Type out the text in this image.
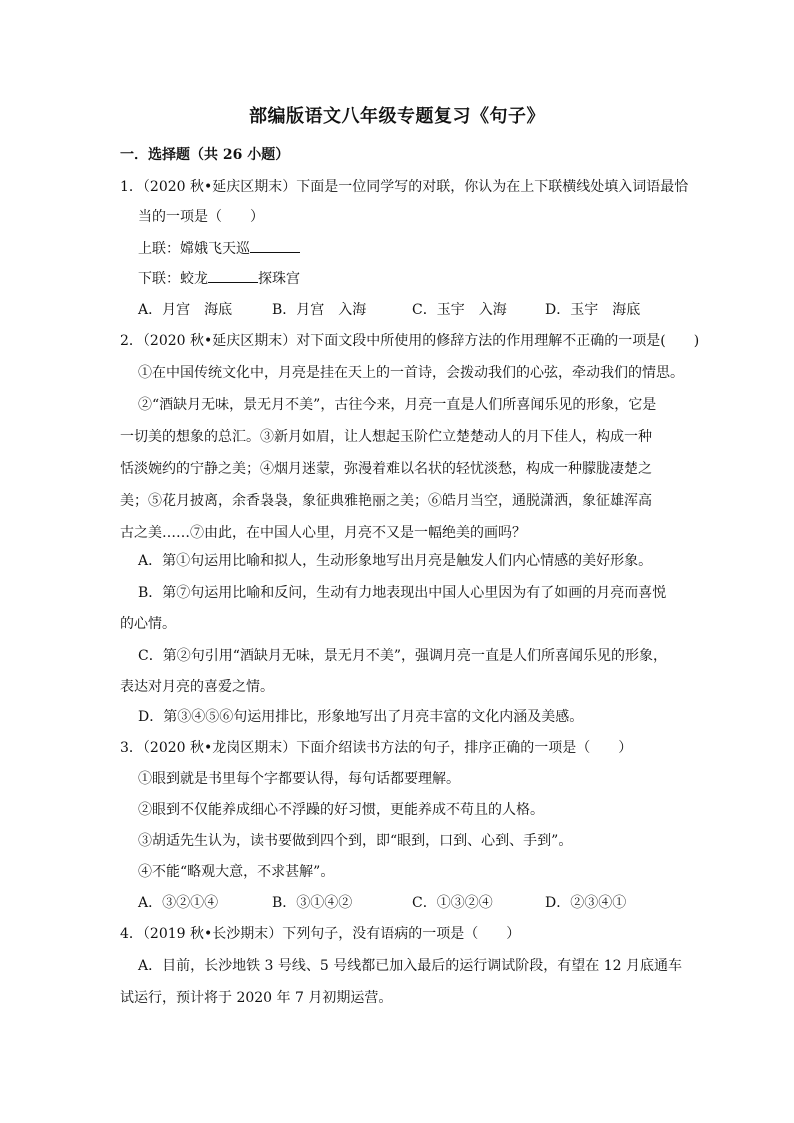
部编版语文八年级专题复习《句子》
一．选择题（共 26 小题）
1．（2020 秋•延庆区期末）下面是一位同学写的对联，你认为在上下联横线处填入词语最恰
当的一项是（　　）
上联：嫦娥飞天巡
下联：蛟龙	探珠宫
A．月宫　海底	B．月宫　入海	C．玉宇　入海	D．玉宇　海底
2．（2020 秋•延庆区期末）对下面文段中所使用的修辞方法的作用理解不正确的一项是(　　)
①在中国传统文化中，月亮是挂在天上的一首诗，会拨动我们的心弦，牵动我们的情思。
②“酒缺月无味，景无月不美”，古往今来，月亮一直是人们所喜闻乐见的形象，它是
一切美的想象的总汇。③新月如眉，让人想起玉阶伫立楚楚动人的月下佳人，构成一种
恬淡婉约的宁静之美；④烟月迷蒙，弥漫着难以名状的轻忧淡愁，构成一种朦胧凄楚之
美；⑤花月披离，余香袅袅，象征典雅艳丽之美；⑥皓月当空，通脱潇洒，象征雄浑高
古之美……⑦由此，在中国人心里，月亮不又是一幅绝美的画吗？
A．第①句运用比喻和拟人，生动形象地写出月亮是触发人们内心情感的美好形象。
B．第⑦句运用比喻和反问，生动有力地表现出中国人心里因为有了如画的月亮而喜悦
的心情。
C．第②句引用“酒缺月无味，景无月不美”，强调月亮一直是人们所喜闻乐见的形象，
表达对月亮的喜爱之情。
D．第③④⑤⑥句运用排比，形象地写出了月亮丰富的文化内涵及美感。
3．（2020 秋•龙岗区期末）下面介绍读书方法的句子，排序正确的一项是（　　）
①眼到就是书里每个字都要认得，每句话都要理解。
②眼到不仅能养成细心不浮躁的好习惯，更能养成不苟且的人格。
③胡适先生认为，读书要做到四个到，即“眼到，口到、心到、手到”。
④不能“略观大意，不求甚解”。
A．③②①④	B．③①④②	C．①③②④	D．②③④①
4．（2019 秋•长沙期末）下列句子，没有语病的一项是（　　）
A．目前，长沙地铁 3 号线、5 号线都已加入最后的运行调试阶段，有望在 12 月底通车
试运行，预计将于 2020 年 7 月初期运营。
